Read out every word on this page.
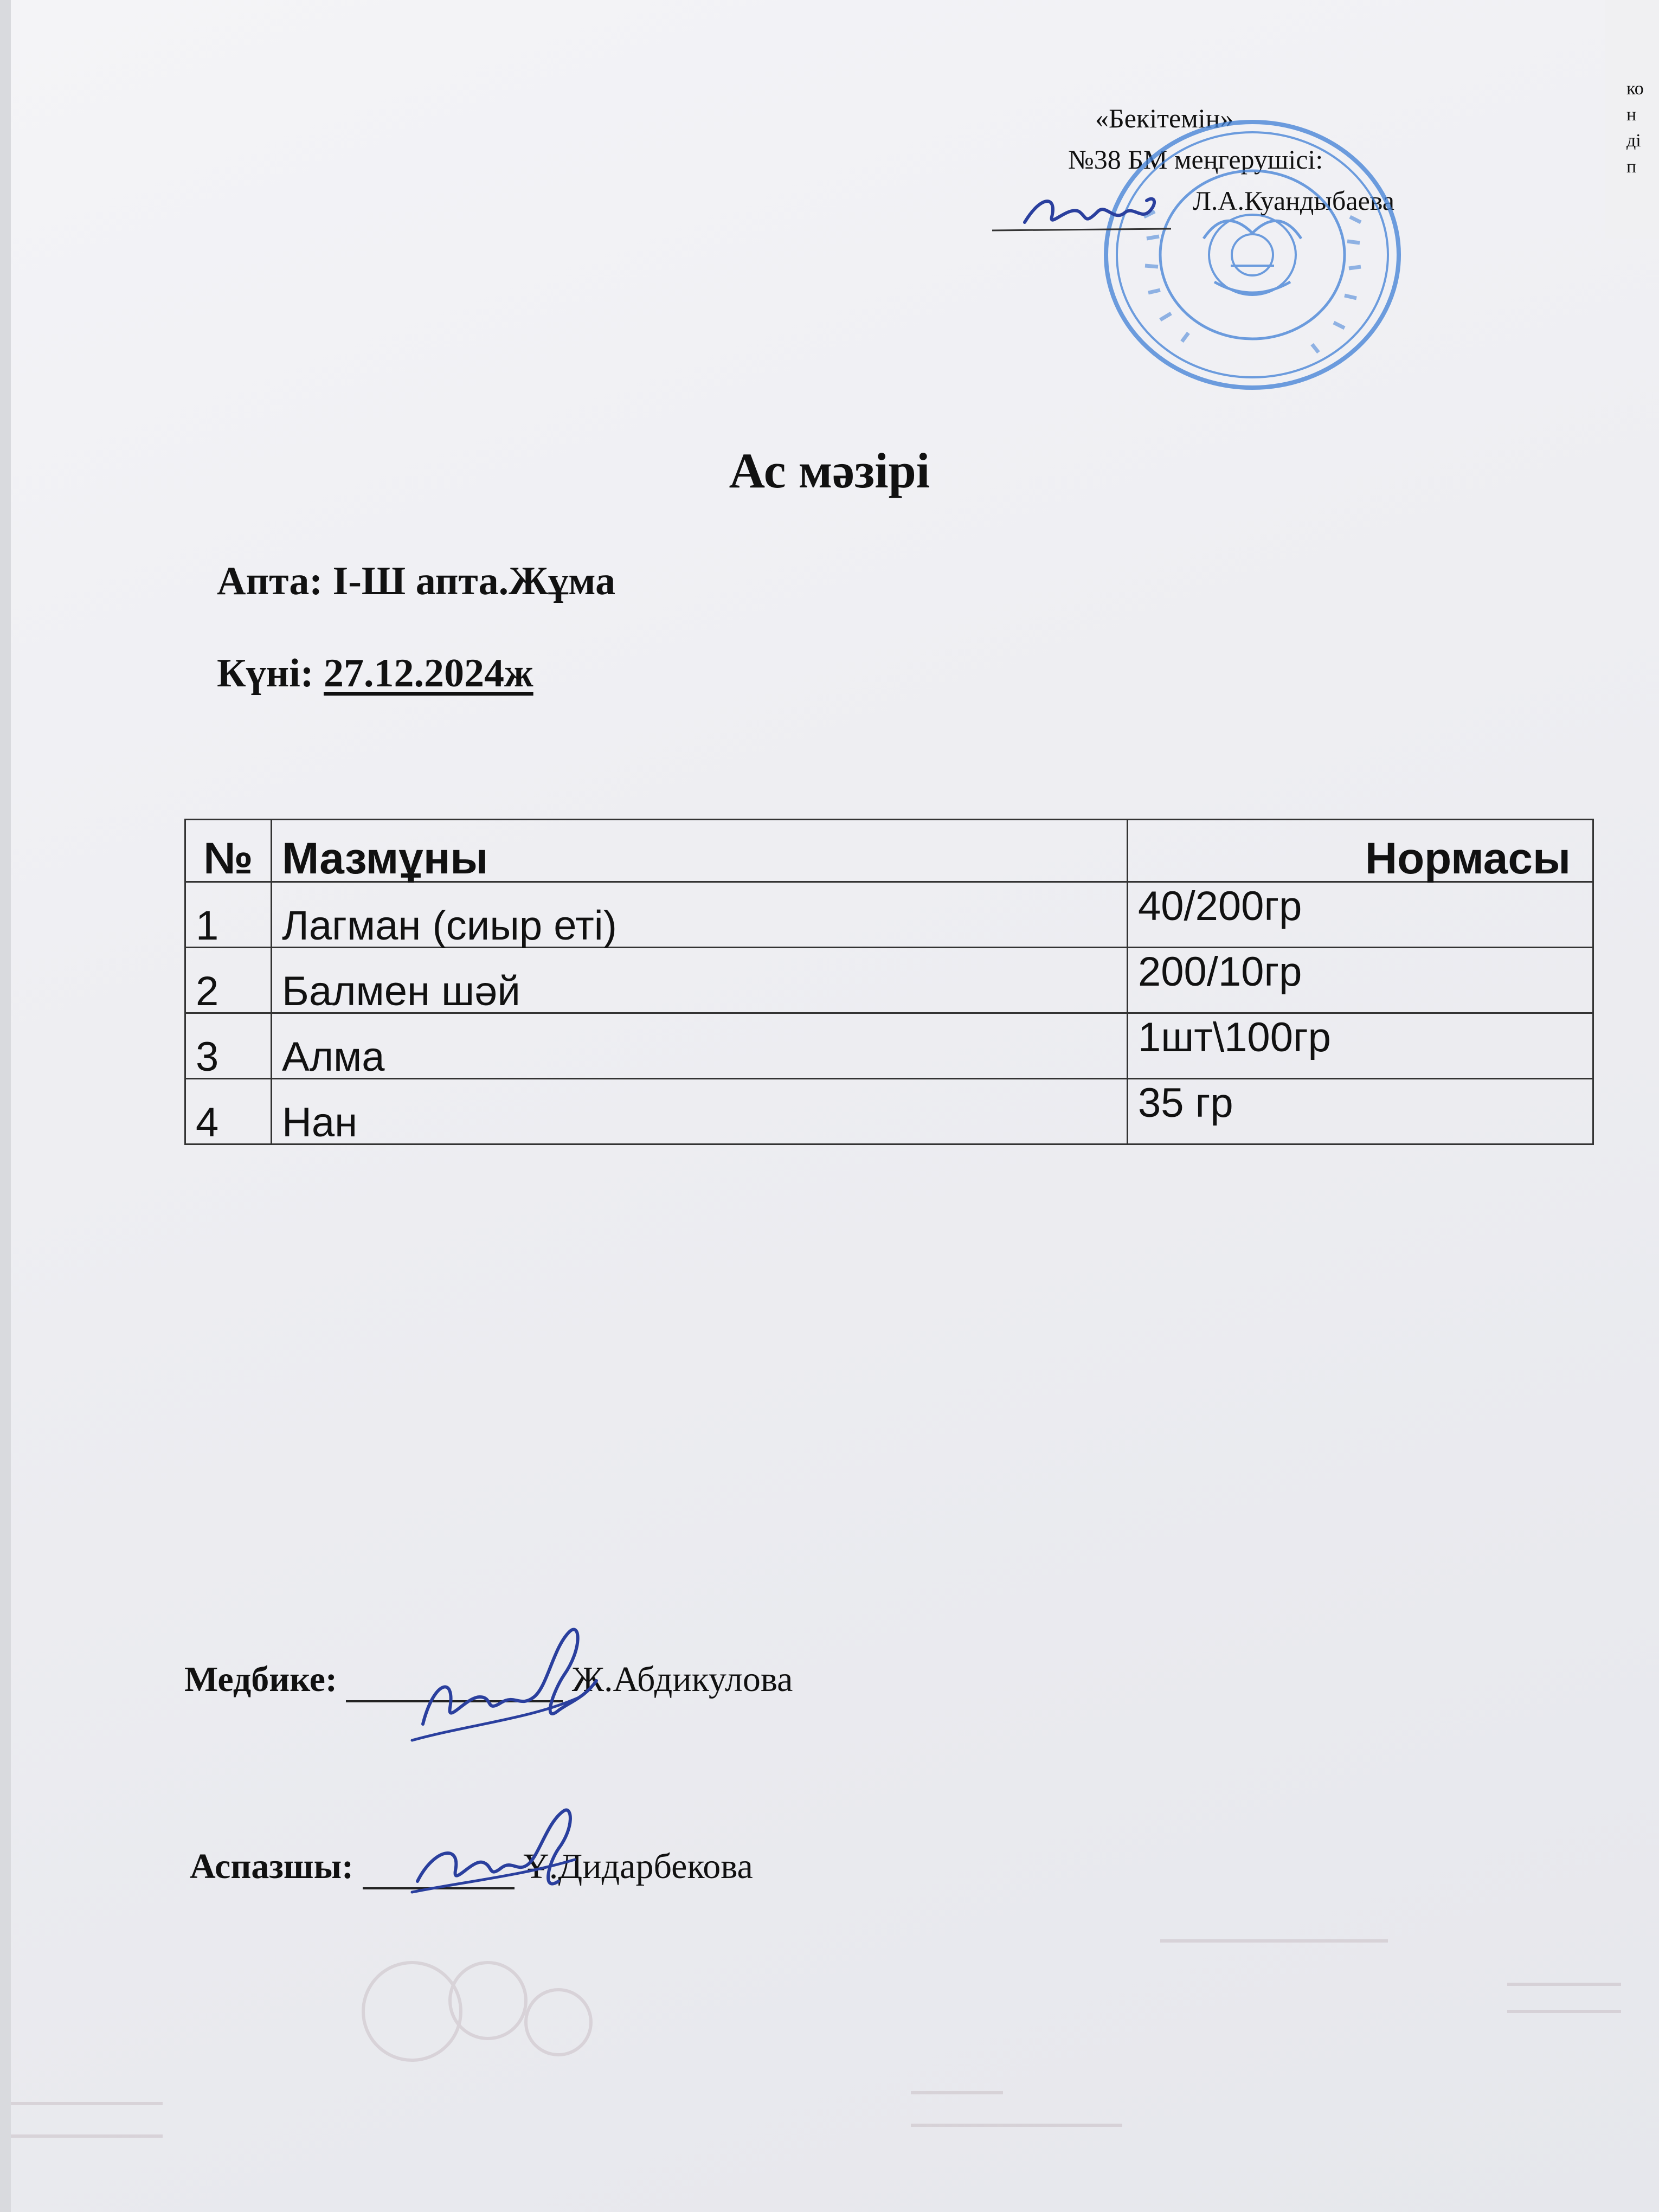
ко
н
ді
п
«Бекітемін»
№38 БМ меңгерушісі:
Л.А.Куандыбаева
Ас мәзірі
Апта: І-Ш апта.Жұма
Күні: 27.12.2024ж
№	Мазмұны	Нормасы
1	Лагман (сиыр еті)	40/200гр
2	Балмен шәй	200/10гр
3	Алма	1шт\100гр
4	Нан	35 гр
Медбике:	Ж.Абдикулова
Аспазшы:	Ұ.Дидарбекова
